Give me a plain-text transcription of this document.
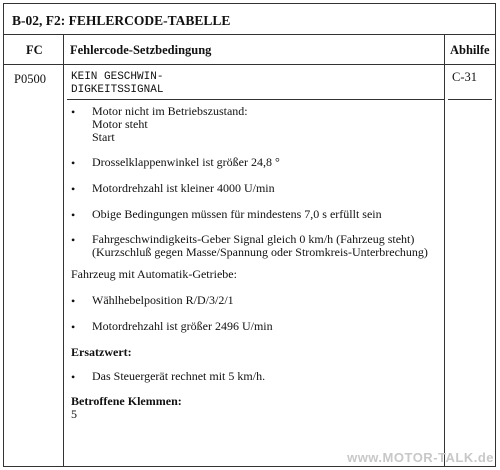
B-02, F2: FEHLERCODE-TABELLE
FC Fehlercode-Setzbedingung	Abhilfe
P0500 KEIN GESCHWIN-
DIGKEITSSIGNAL
C-31
• Motor nicht im Betriebszustand:
Motor steht
Start
• Drosselklappenwinkel ist größer 24,8 °
• Motordrehzahl ist kleiner 4000 U/min
• Obige Bedingungen müssen für mindestens 7,0 s erfüllt sein
• Fahrgeschwindigkeits-Geber Signal gleich 0 km/h (Fahrzeug steht)
(Kurzschluß gegen Masse/Spannung oder Stromkreis-Unterbrechung)
Fahrzeug mit Automatik-Getriebe:
• Wählhebelposition R/D/3/2/1
• Motordrehzahl ist größer 2496 U/min
Ersatzwert:
• Das Steuergerät rechnet mit 5 km/h.
Betroffene Klemmen:
5
www.MOTOR-TALK.de
